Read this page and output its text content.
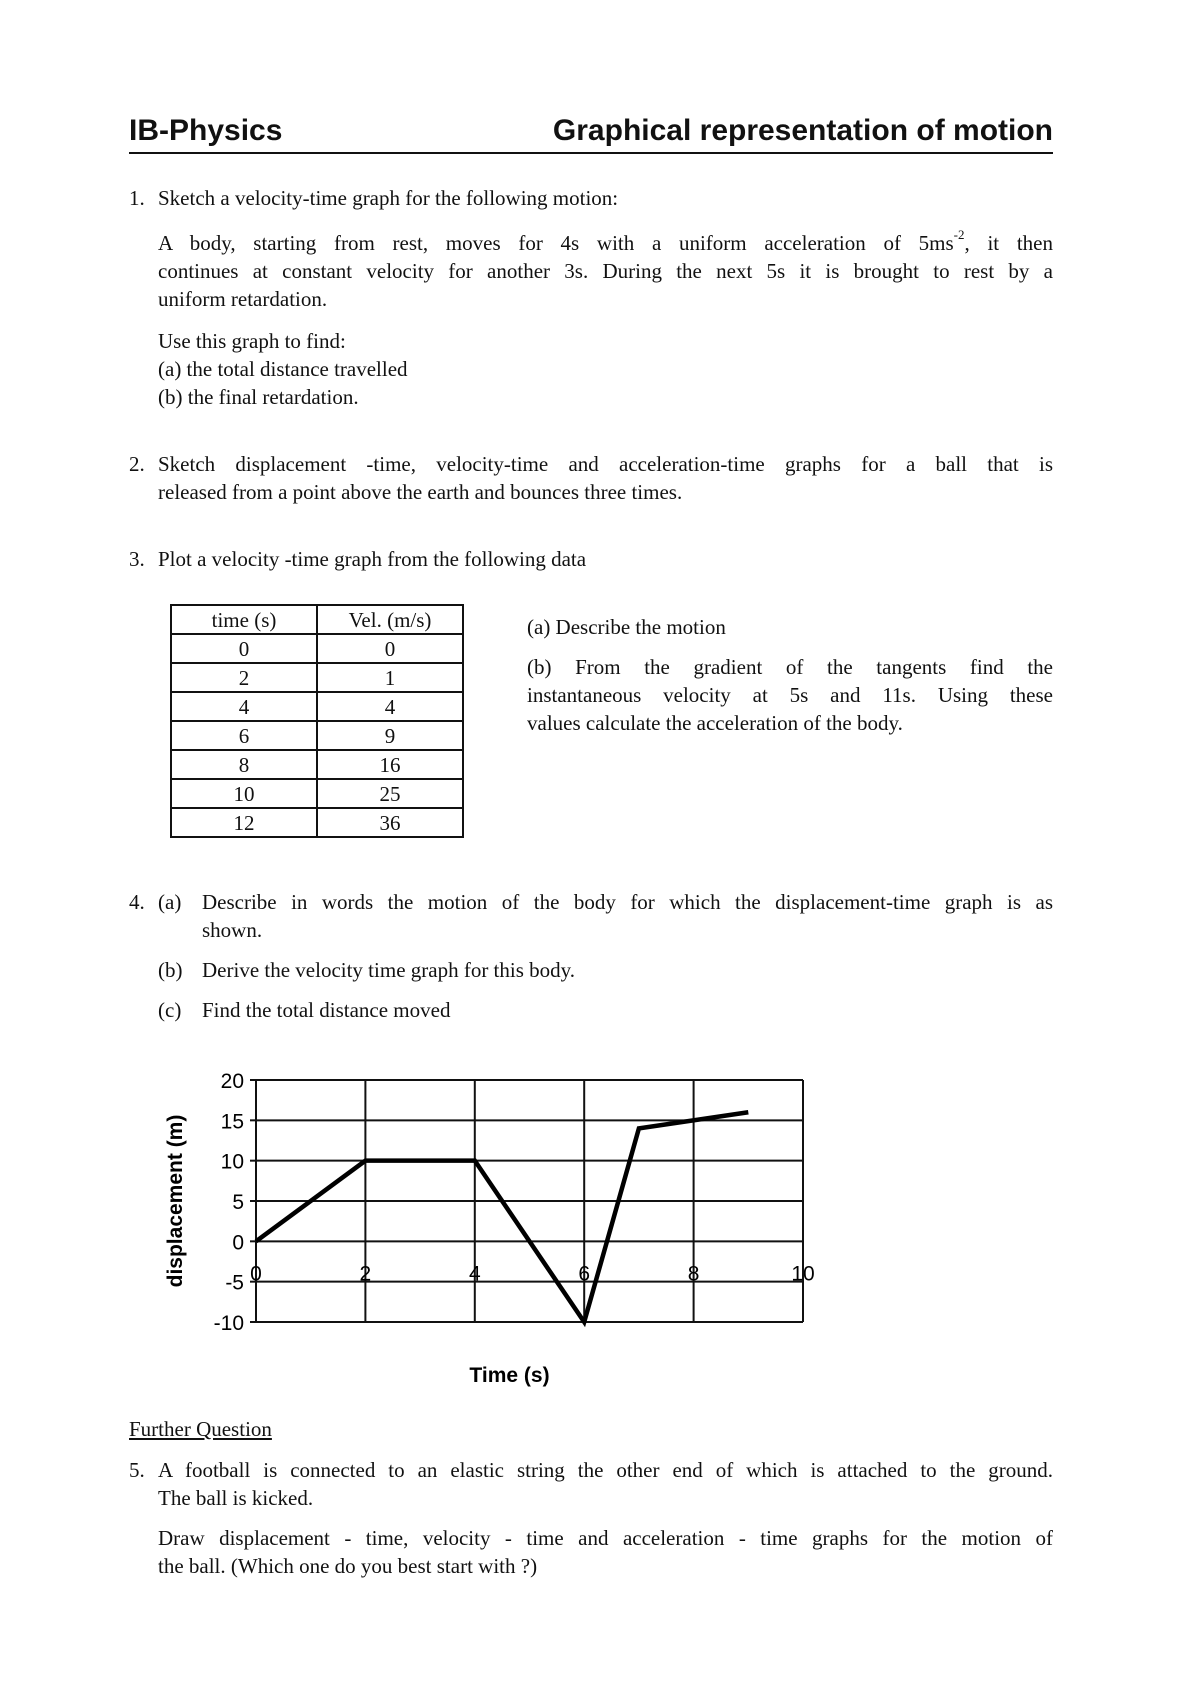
IB-Physics	Graphical representation of motion
1. Sketch a velocity-time graph for the following motion:
A body, starting from rest, moves for 4s with a uniform acceleration of $5ms^{-2}$, it then
continues at constant velocity for another 3s. During the next 5s it is brought to rest by a
uniform retardation.
Use this graph to find:
(a) the total distance travelled
(b) the final retardation.
2. Sketch displacement -time, velocity-time and acceleration-time graphs for a ball that is
released from a point above the earth and bounces three times.
3. Plot a velocity -time graph from the following data
time (s)	Vel. (m/s)
0	0
2	1
4	4
6	9
8	16
10	25
12	36
(a) Describe the motion
(b) From the gradient of the tangents find the
instantaneous velocity at 5s and 11s. Using these
values calculate the acceleration of the body.
4. (a) Describe in words the motion of the body for which the displacement-time graph is as
shown.
(b) Derive the velocity time graph for this body.
(c) Find the total distance moved
20
15
10
5
0
-5
-10
0	2	4	6	8	10
displacement (m)
Time (s)
Further Question
5. A football is connected to an elastic string the other end of which is attached to the ground.
The ball is kicked.
Draw displacement - time, velocity - time and acceleration - time graphs for the motion of
the ball. (Which one do you best start with ?)
